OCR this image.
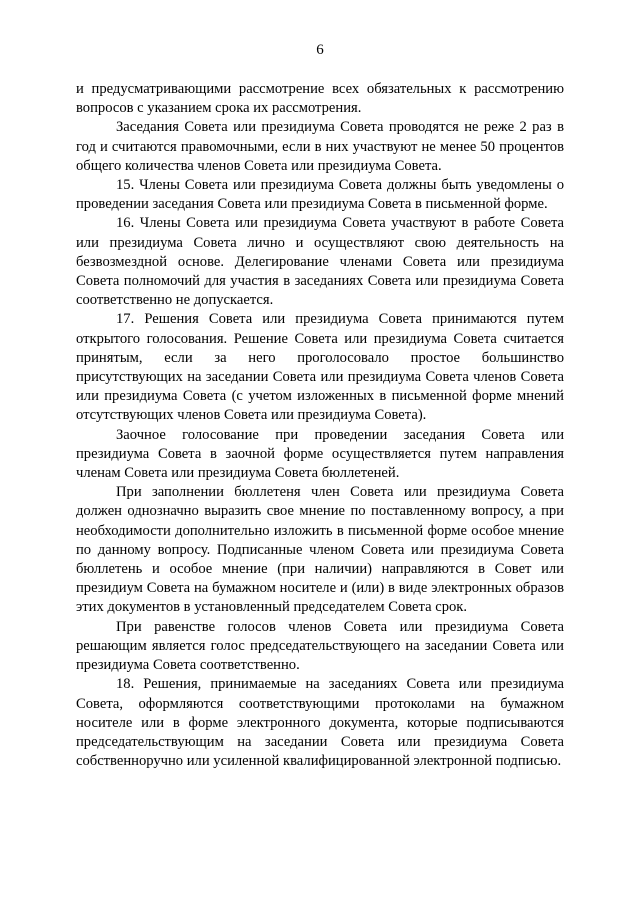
6

и предусматривающими рассмотрение всех обязательных к рассмотрению вопросов с указанием срока их рассмотрения.

Заседания Совета или президиума Совета проводятся не реже 2 раз в год и считаются правомочными, если в них участвуют не менее 50 процентов общего количества членов Совета или президиума Совета.

15. Члены Совета или президиума Совета должны быть уведомлены о проведении заседания Совета или президиума Совета в письменной форме.

16. Члены Совета или президиума Совета участвуют в работе Совета или президиума Совета лично и осуществляют свою деятельность на безвозмездной основе. Делегирование членами Совета или президиума Совета полномочий для участия в заседаниях Совета или президиума Совета соответственно не допускается.

17. Решения Совета или президиума Совета принимаются путем открытого голосования. Решение Совета или президиума Совета считается принятым, если за него проголосовало простое большинство присутствующих на заседании Совета или президиума Совета членов Совета или президиума Совета (с учетом изложенных в письменной форме мнений отсутствующих членов Совета или президиума Совета).

Заочное голосование при проведении заседания Совета или президиума Совета в заочной форме осуществляется путем направления членам Совета или президиума Совета бюллетеней.

При заполнении бюллетеня член Совета или президиума Совета должен однозначно выразить свое мнение по поставленному вопросу, а при необходимости дополнительно изложить в письменной форме особое мнение по данному вопросу. Подписанные членом Совета или президиума Совета бюллетень и особое мнение (при наличии) направляются в Совет или президиум Совета на бумажном носителе и (или) в виде электронных образов этих документов в установленный председателем Совета срок.

При равенстве голосов членов Совета или президиума Совета решающим является голос председательствующего на заседании Совета или президиума Совета соответственно.

18. Решения, принимаемые на заседаниях Совета или президиума Совета, оформляются соответствующими протоколами на бумажном носителе или в форме электронного документа, которые подписываются председательствующим на заседании Совета или президиума Совета собственноручно или усиленной квалифицированной электронной подписью.
